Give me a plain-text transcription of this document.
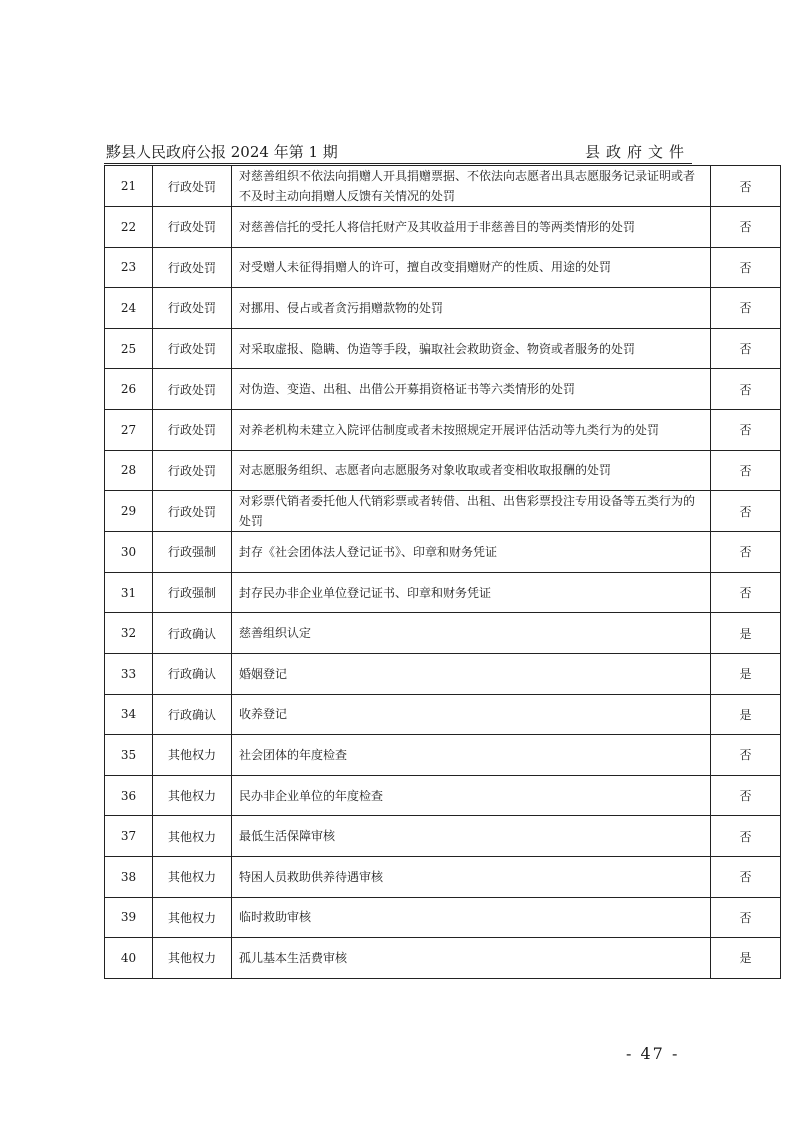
黟县人民政府公报 2024 年第 1 期	县政府文件
21	行政处罚	对慈善组织不依法向捐赠人开具捐赠票据、不依法向志愿者出具志愿服务记录证明或者不及时主动向捐赠人反馈有关情况的处罚	否
22	行政处罚	对慈善信托的受托人将信托财产及其收益用于非慈善目的等两类情形的处罚	否
23	行政处罚	对受赠人未征得捐赠人的许可，擅自改变捐赠财产的性质、用途的处罚	否
24	行政处罚	对挪用、侵占或者贪污捐赠款物的处罚	否
25	行政处罚	对采取虚报、隐瞒、伪造等手段，骗取社会救助资金、物资或者服务的处罚	否
26	行政处罚	对伪造、变造、出租、出借公开募捐资格证书等六类情形的处罚	否
27	行政处罚	对养老机构未建立入院评估制度或者未按照规定开展评估活动等九类行为的处罚	否
28	行政处罚	对志愿服务组织、志愿者向志愿服务对象收取或者变相收取报酬的处罚	否
29	行政处罚	对彩票代销者委托他人代销彩票或者转借、出租、出售彩票投注专用设备等五类行为的处罚	否
30	行政强制	封存《社会团体法人登记证书》、印章和财务凭证	否
31	行政强制	封存民办非企业单位登记证书、印章和财务凭证	否
32	行政确认	慈善组织认定	是
33	行政确认	婚姻登记	是
34	行政确认	收养登记	是
35	其他权力	社会团体的年度检查	否
36	其他权力	民办非企业单位的年度检查	否
37	其他权力	最低生活保障审核	否
38	其他权力	特困人员救助供养待遇审核	否
39	其他权力	临时救助审核	否
40	其他权力	孤儿基本生活费审核	是
- 47 -
